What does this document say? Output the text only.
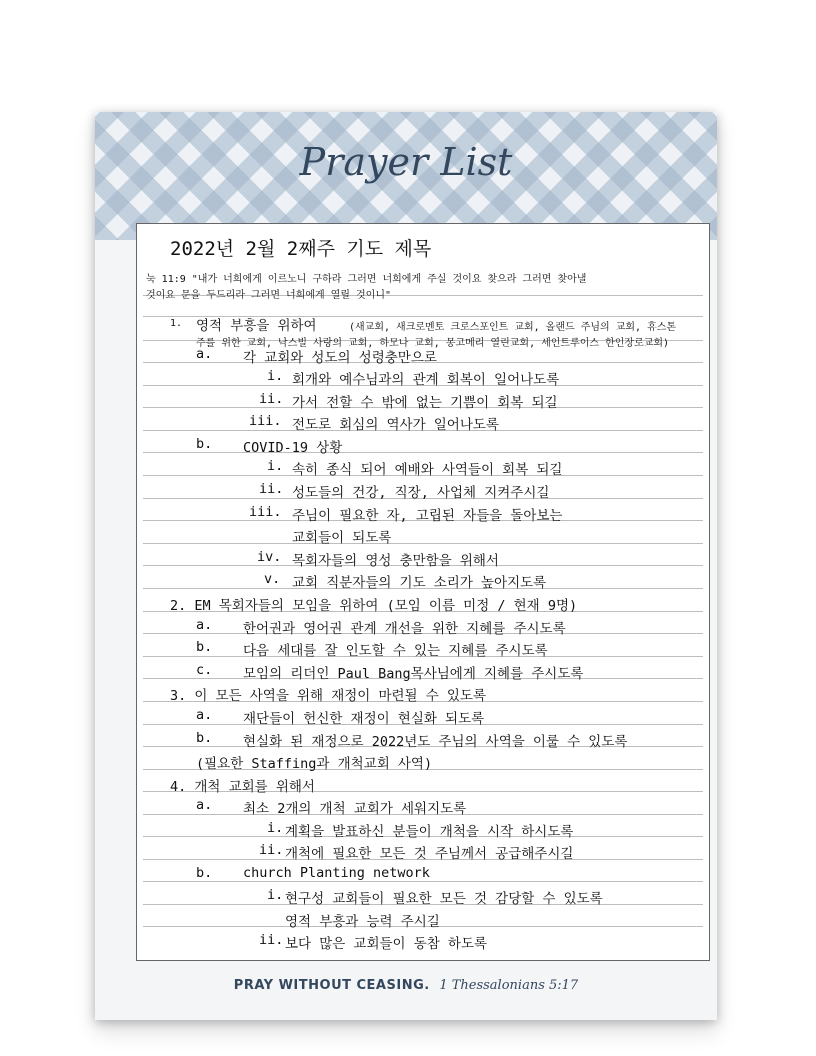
Prayer List
2022년 2월 2째주 기도 제목
눅 11:9 "내가 너희에게 이르노니 구하라 그러면 너희에게 주실 것이요 찾으라 그러면 찾아낼
것이요 문을 두드리라 그러면 너희에게 열릴 것이니"
1. 영적 부흥을 위하여	(새교회, 새크로멘토 크로스포인트 교회, 올랜드 주님의 교회, 휴스톤
주를 위한 교회, 낙스빌 사랑의 교회, 하모나 교회, 몽고메리 열린교회, 세인트루이스 한인장로교회)
a. 각 교회와 성도의 성령충만으로
i. 회개와 예수님과의 관계 회복이 일어나도록
ii. 가서 전할 수 밖에 없는 기쁨이 회복 되길
iii. 전도로 회심의 역사가 일어나도록
b. COVID-19 상황
i. 속히 종식 되어 예배와 사역들이 회복 되길
ii. 성도들의 건강, 직장, 사업체 지켜주시길
iii. 주님이 필요한 자, 고립된 자들을 돌아보는
교회들이 되도록
iv. 목회자들의 영성 충만함을 위해서
v. 교회 직분자들의 기도 소리가 높아지도록
2. EM 목회자들의 모임을 위하여 (모임 이름 미정 / 현재 9명)
a. 한어권과 영어권 관계 개선을 위한 지혜를 주시도록
b. 다음 세대를 잘 인도할 수 있는 지혜를 주시도록
c. 모임의 리더인 Paul Bang목사님에게 지혜를 주시도록
3. 이 모든 사역을 위해 재정이 마련될 수 있도록
a. 재단들이 헌신한 재정이 현실화 되도록
b. 현실화 된 재정으로 2022년도 주님의 사역을 이룰 수 있도록
(필요한 Staffing과 개척교회 사역)
4. 개척 교회를 위해서
a. 최소 2개의 개척 교회가 세워지도록
i. 계획을 발표하신 분들이 개척을 시작 하시도록
ii. 개척에 필요한 모든 것 주님께서 공급해주시길
b. church Planting network
i. 현구성 교회들이 필요한 모든 것 감당할 수 있도록
영적 부흥과 능력 주시길
ii. 보다 많은 교회들이 동참 하도록
PRAY WITHOUT CEASING. 1 Thessalonians 5:17
